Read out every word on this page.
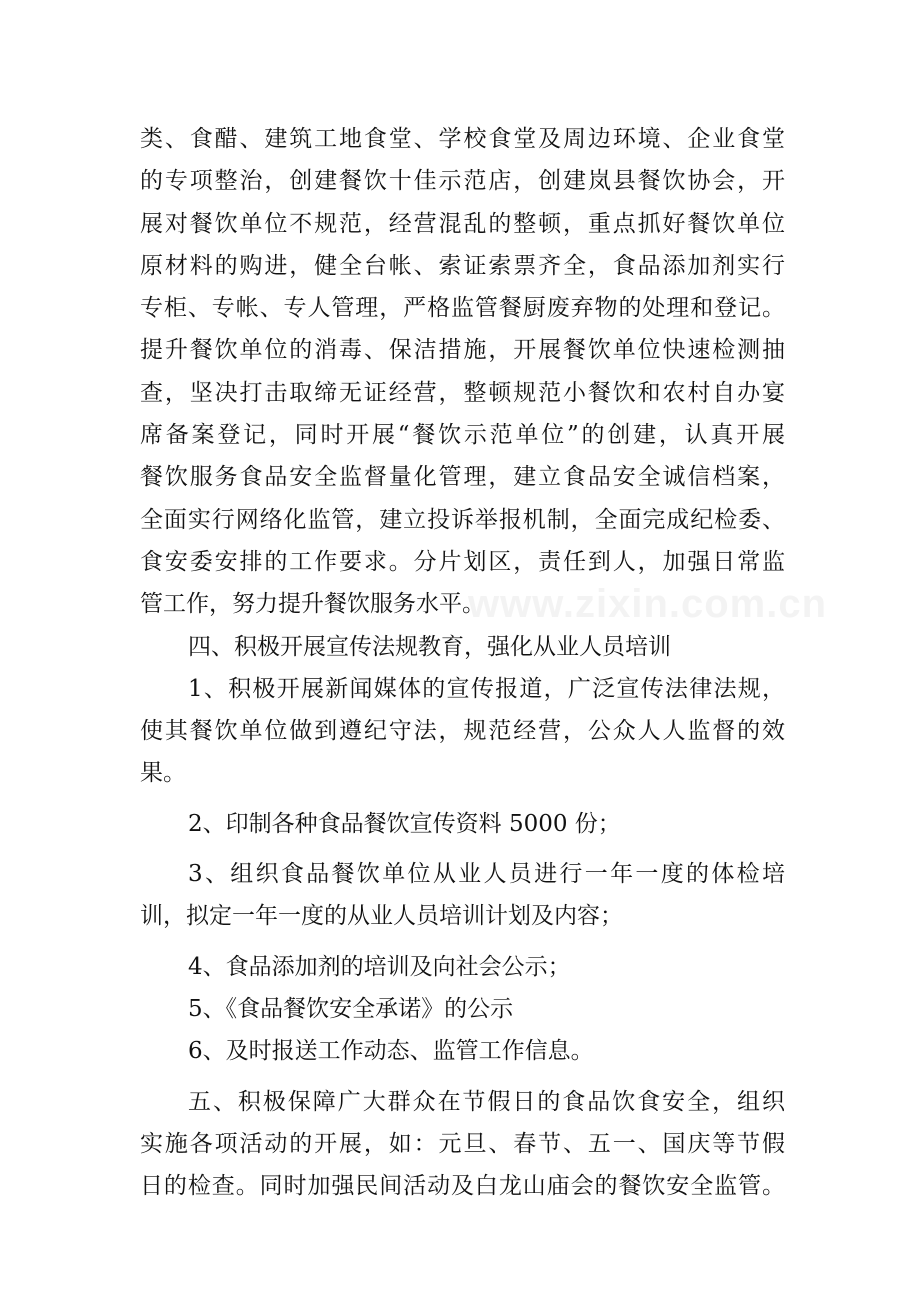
www.zixin.com.cn
类、食醋、建筑工地食堂、学校食堂及周边环境、企业食堂
的专项整治，创建餐饮十佳示范店，创建岚县餐饮协会，开
展对餐饮单位不规范，经营混乱的整顿，重点抓好餐饮单位
原材料的购进，健全台帐、索证索票齐全，食品添加剂实行
专柜、专帐、专人管理，严格监管餐厨废弃物的处理和登记。
提升餐饮单位的消毒、保洁措施，开展餐饮单位快速检测抽
查，坚决打击取缔无证经营，整顿规范小餐饮和农村自办宴
席备案登记，同时开展“餐饮示范单位”的创建，认真开展
餐饮服务食品安全监督量化管理，建立食品安全诚信档案，
全面实行网络化监管，建立投诉举报机制，全面完成纪检委、
食安委安排的工作要求。分片划区，责任到人，加强日常监
管工作，努力提升餐饮服务水平。
四、积极开展宣传法规教育，强化从业人员培训
1、积极开展新闻媒体的宣传报道，广泛宣传法律法规，
使其餐饮单位做到遵纪守法，规范经营，公众人人监督的效
果。
2、印制各种食品餐饮宣传资料 5000 份；
3、组织食品餐饮单位从业人员进行一年一度的体检培
训，拟定一年一度的从业人员培训计划及内容；
4、食品添加剂的培训及向社会公示；
5、《食品餐饮安全承诺》的公示
6、及时报送工作动态、监管工作信息。
五、积极保障广大群众在节假日的食品饮食安全，组织
实施各项活动的开展，如：元旦、春节、五一、国庆等节假
日的检查。同时加强民间活动及白龙山庙会的餐饮安全监管。
